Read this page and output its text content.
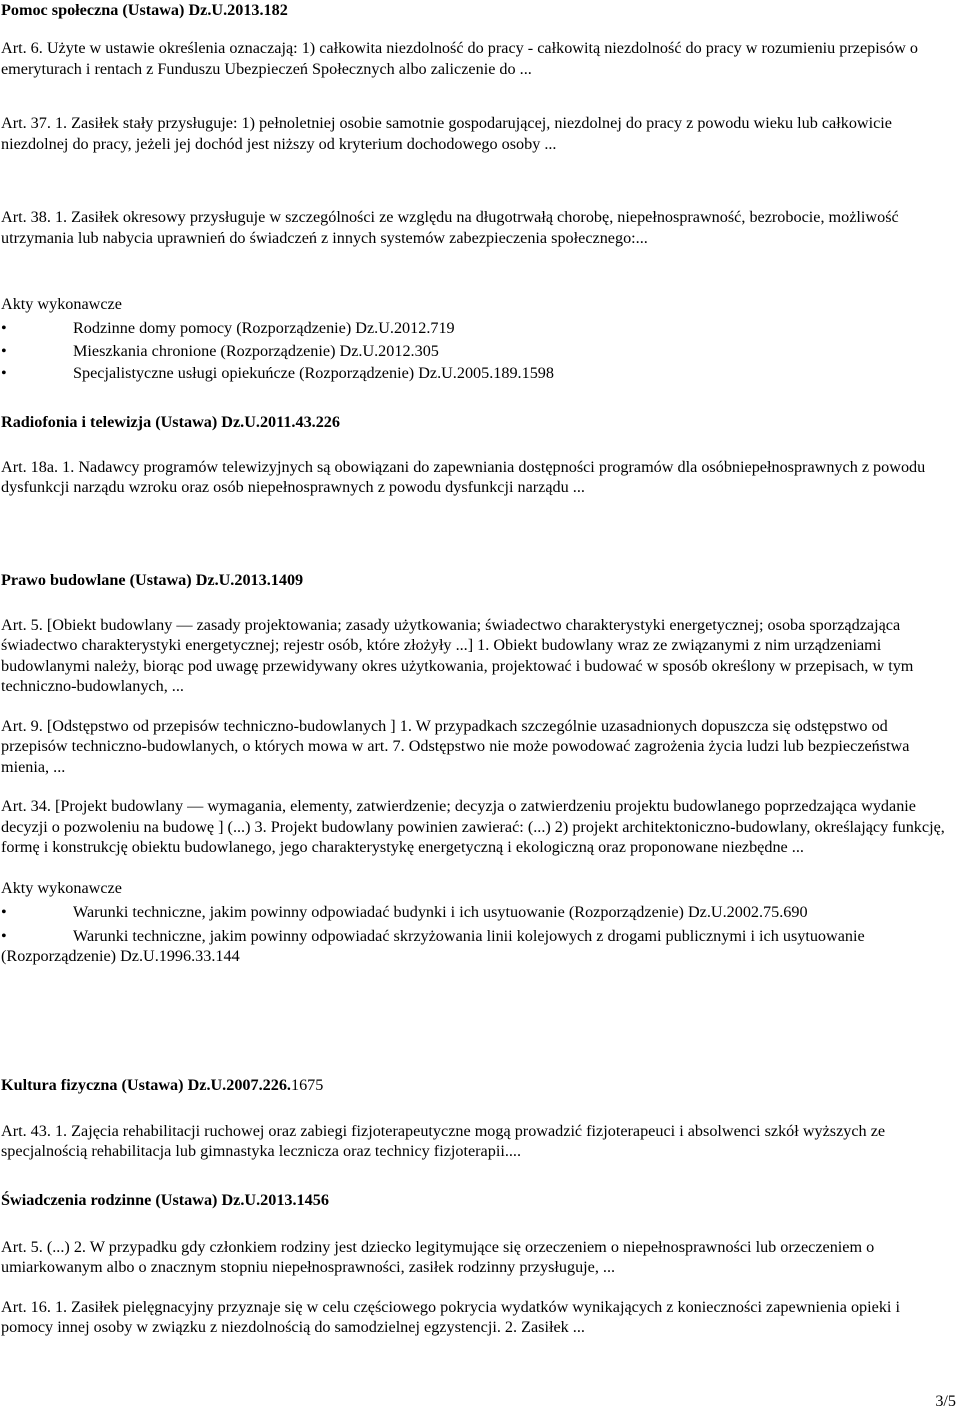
Pomoc społeczna (Ustawa) Dz.U.2013.182

Art. 6. Użyte w ustawie określenia oznaczają: 1) całkowita niezdolność do pracy - całkowitą niezdolność do pracy w rozumieniu przepisów o emeryturach i rentach z Funduszu Ubezpieczeń Społecznych albo zaliczenie do ...

Art. 37. 1. Zasiłek stały przysługuje: 1) pełnoletniej osobie samotnie gospodarującej, niezdolnej do pracy z powodu wieku lub całkowicie niezdolnej do pracy, jeżeli jej dochód jest niższy od kryterium dochodowego osoby ...

Art. 38. 1. Zasiłek okresowy przysługuje w szczególności ze względu na długotrwałą chorobę, niepełnosprawność, bezrobocie, możliwość utrzymania lub nabycia uprawnień do świadczeń z innych systemów zabezpieczenia społecznego:...

Akty wykonawcze

•	Rodzinne domy pomocy (Rozporządzenie) Dz.U.2012.719
•	Mieszkania chronione (Rozporządzenie) Dz.U.2012.305
•	Specjalistyczne usługi opiekuńcze (Rozporządzenie) Dz.U.2005.189.1598

Radiofonia i telewizja (Ustawa) Dz.U.2011.43.226

Art. 18a. 1. Nadawcy programów telewizyjnych są obowiązani do zapewniania dostępności programów dla osóbniepełnosprawnych z powodu dysfunkcji narządu wzroku oraz osób niepełnosprawnych z powodu dysfunkcji narządu ...

Prawo budowlane (Ustawa) Dz.U.2013.1409

Art. 5. [Obiekt budowlany — zasady projektowania; zasady użytkowania; świadectwo charakterystyki energetycznej; osoba sporządzająca świadectwo charakterystyki energetycznej; rejestr osób, które złożyły ...] 1. Obiekt budowlany wraz ze związanymi z nim urządzeniami budowlanymi należy, biorąc pod uwagę przewidywany okres użytkowania, projektować i budować w sposób określony w przepisach, w tym techniczno-budowlanych, ...

Art. 9. [Odstępstwo od przepisów techniczno-budowlanych ] 1. W przypadkach szczególnie uzasadnionych dopuszcza się odstępstwo od przepisów techniczno-budowlanych, o których mowa w art. 7. Odstępstwo nie może powodować zagrożenia życia ludzi lub bezpieczeństwa mienia, ...

Art. 34. [Projekt budowlany — wymagania, elementy, zatwierdzenie; decyzja o zatwierdzeniu projektu budowlanego poprzedzająca wydanie decyzji o pozwoleniu na budowę ] (...) 3. Projekt budowlany powinien zawierać: (...) 2) projekt architektoniczno-budowlany, określający funkcję, formę i konstrukcję obiektu budowlanego, jego charakterystykę energetyczną i ekologiczną oraz proponowane niezbędne ...

Akty wykonawcze

•	Warunki techniczne, jakim powinny odpowiadać budynki i ich usytuowanie (Rozporządzenie) Dz.U.2002.75.690
•	Warunki techniczne, jakim powinny odpowiadać skrzyżowania linii kolejowych z drogami publicznymi i ich usytuowanie (Rozporządzenie) Dz.U.1996.33.144

Kultura fizyczna (Ustawa) Dz.U.2007.226.1675

Art. 43. 1. Zajęcia rehabilitacji ruchowej oraz zabiegi fizjoterapeutyczne mogą prowadzić fizjoterapeuci i absolwenci szkół wyższych ze specjalnością rehabilitacja lub gimnastyka lecznicza oraz technicy fizjoterapii....

Świadczenia rodzinne (Ustawa) Dz.U.2013.1456

Art. 5. (...) 2. W przypadku gdy członkiem rodziny jest dziecko legitymujące się orzeczeniem o niepełnosprawności lub orzeczeniem o umiarkowanym albo o znacznym stopniu niepełnosprawności, zasiłek rodzinny przysługuje, ...

Art. 16. 1. Zasiłek pielęgnacyjny przyznaje się w celu częściowego pokrycia wydatków wynikających z konieczności zapewnienia opieki i pomocy innej osoby w związku z niezdolnością do samodzielnej egzystencji. 2. Zasiłek ...

3/5
